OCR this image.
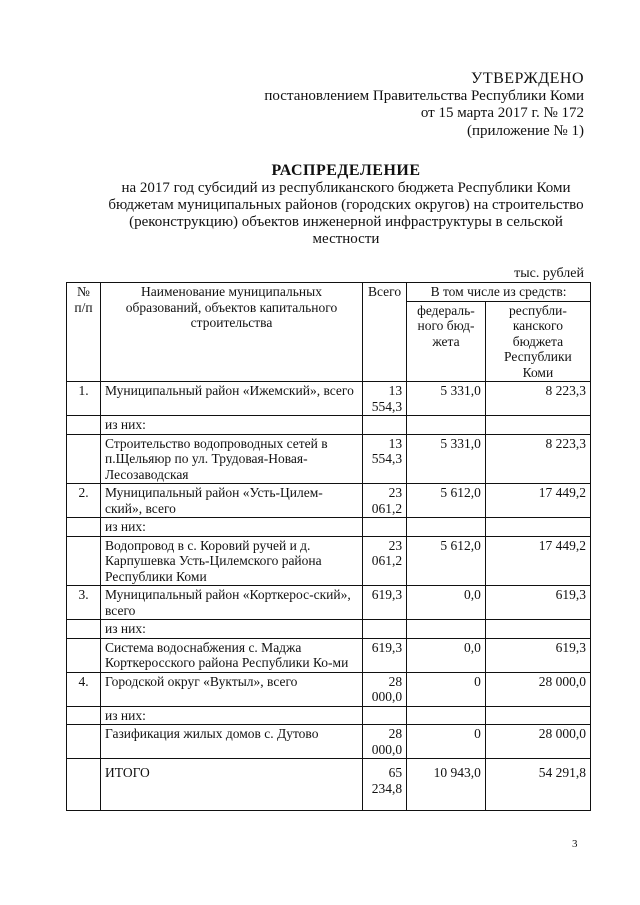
УТВЕРЖДЕНО
постановлением Правительства Республики Коми
от 15 марта 2017 г. № 172
(приложение № 1)
РАСПРЕДЕЛЕНИЕ
на 2017 год субсидий из республиканского бюджета Республики Коми
бюджетам муниципальных районов (городских округов) на строительство
(реконструкцию) объектов инженерной инфраструктуры в сельской
местности
тыс. рублей
№ п/п	Наименование муниципальных образований, объектов капитального строительства	Всего	В том числе из средств:	
			федераль-ного бюд-жета	республи-канского бюджета Республики Коми
1.	Муниципальный район «Ижемский», всего	13 554,3	5 331,0	8 223,3
	из них:			
	Строительство водопроводных сетей в п.Щельяюр по ул. Трудовая-Новая-Лесозаводская	13 554,3	5 331,0	8 223,3
2.	Муниципальный район «Усть-Цилем-ский», всего	23 061,2	5 612,0	17 449,2
	из них:			
	Водопровод в с. Коровий ручей и д. Карпушевка Усть-Цилемского района Республики Коми	23 061,2	5 612,0	17 449,2
3.	Муниципальный район «Корткерос-ский», всего	619,3	0,0	619,3
	из них:			
	Система водоснабжения с. Маджа Корткеросского района Республики Ко-ми	619,3	0,0	619,3
4.	Городской округ «Вуктыл», всего	28 000,0	0	28 000,0
	из них:			
	Газификация жилых домов с. Дутово	28 000,0	0	28 000,0
	ИТОГО	65 234,8	10 943,0	54 291,8
3
